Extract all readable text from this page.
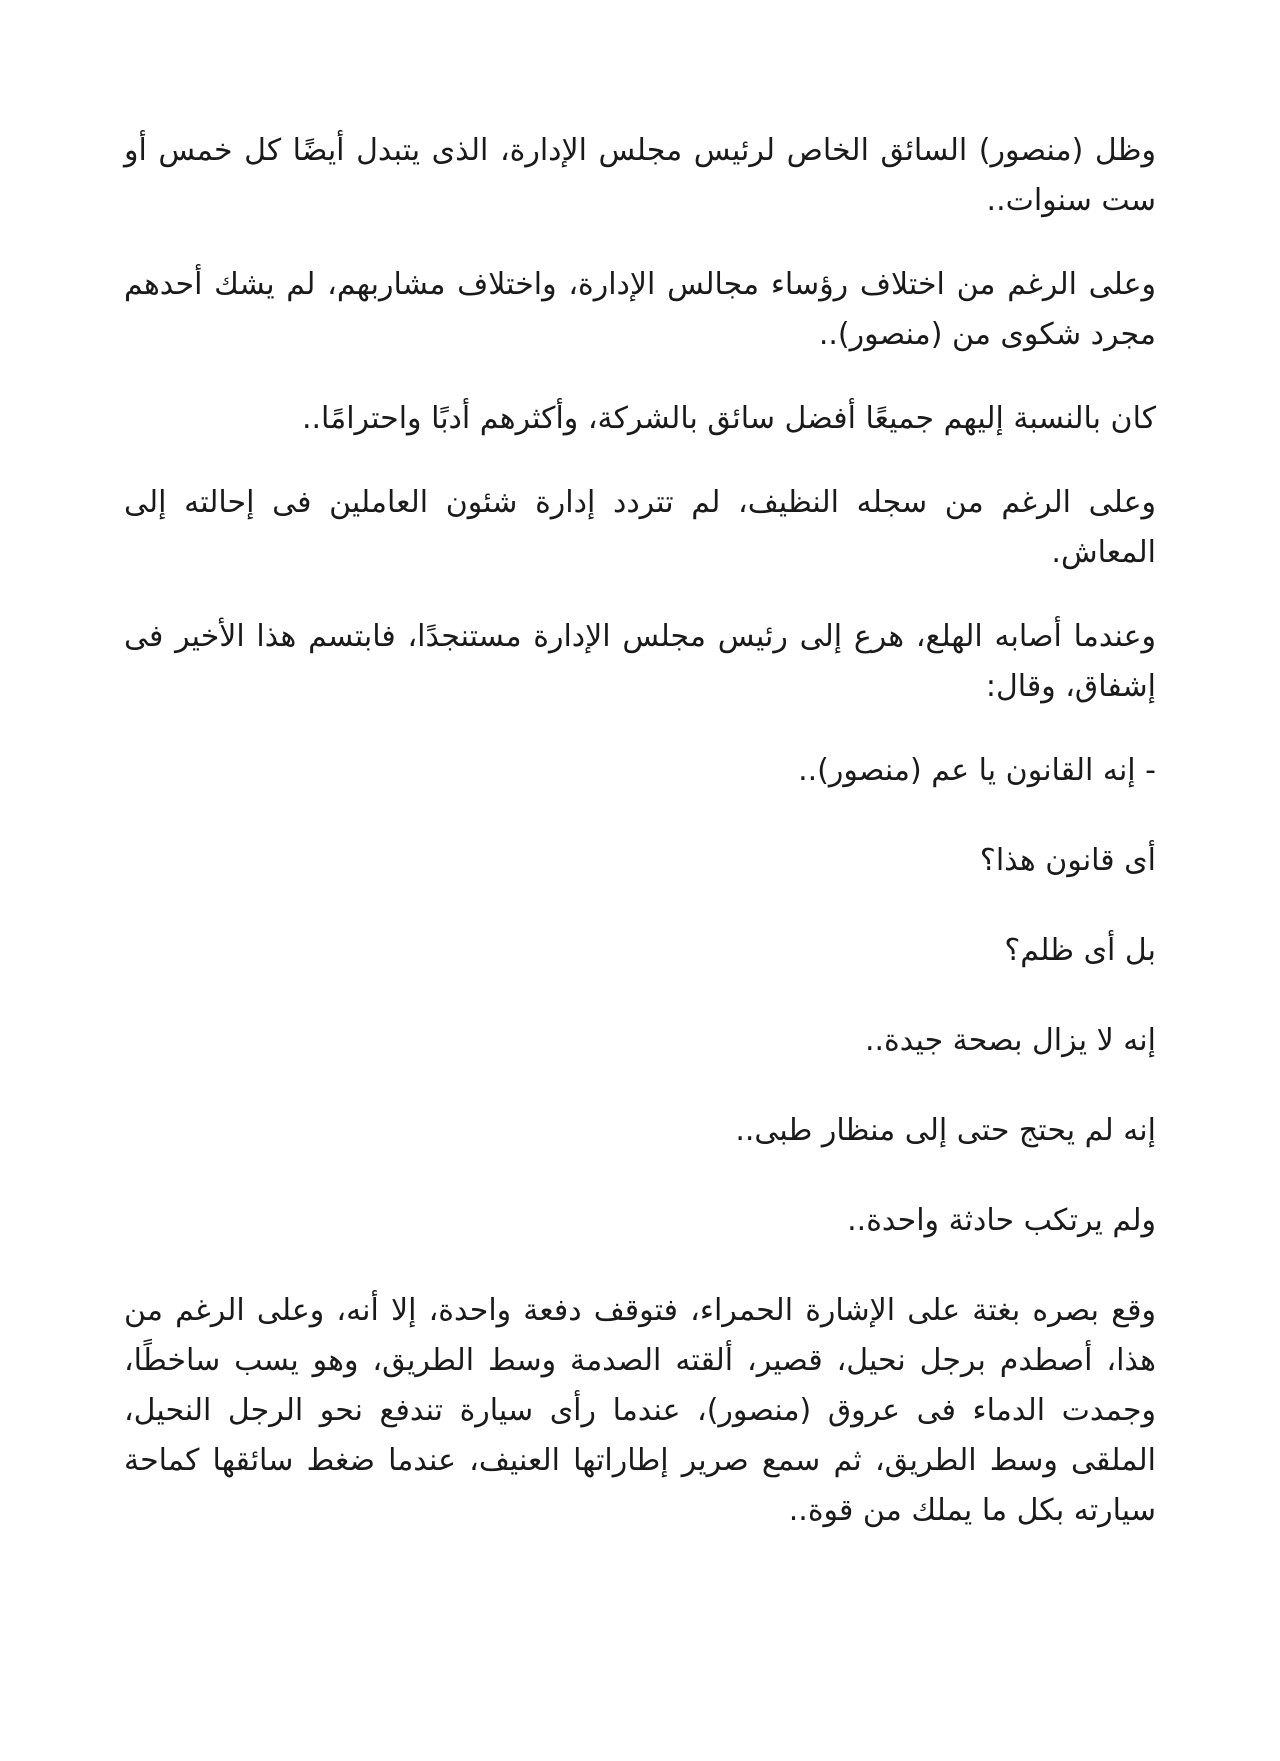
وظل (منصور) السائق الخاص لرئيس مجلس الإدارة، الذى يتبدل أيضًا كل خمس أو ست سنوات..

وعلى الرغم من اختلاف رؤساء مجالس الإدارة، واختلاف مشاربهم، لم يشك أحدهم مجرد شكوى من (منصور)..

كان بالنسبة إليهم جميعًا أفضل سائق بالشركة، وأكثرهم أدبًا واحترامًا..

وعلى الرغم من سجله النظيف، لم تتردد إدارة شئون العاملين فى إحالته إلى المعاش.

وعندما أصابه الهلع، هرع إلى رئيس مجلس الإدارة مستنجدًا، فابتسم هذا الأخير فى إشفاق، وقال:

- إنه القانون يا عم (منصور)..

أى قانون هذا؟

بل أى ظلم؟

إنه لا يزال بصحة جيدة..

إنه لم يحتج حتى إلى منظار طبى..

ولم يرتكب حادثة واحدة..

وقع بصره بغتة على الإشارة الحمراء، فتوقف دفعة واحدة، إلا أنه، وعلى الرغم من هذا، أصطدم برجل نحيل، قصير، ألقته الصدمة وسط الطريق، وهو يسب ساخطًا، وجمدت الدماء فى عروق (منصور)، عندما رأى سيارة تندفع نحو الرجل النحيل، الملقى وسط الطريق، ثم سمع صرير إطاراتها العنيف، عندما ضغط سائقها كماحة سيارته بكل ما يملك من قوة..
